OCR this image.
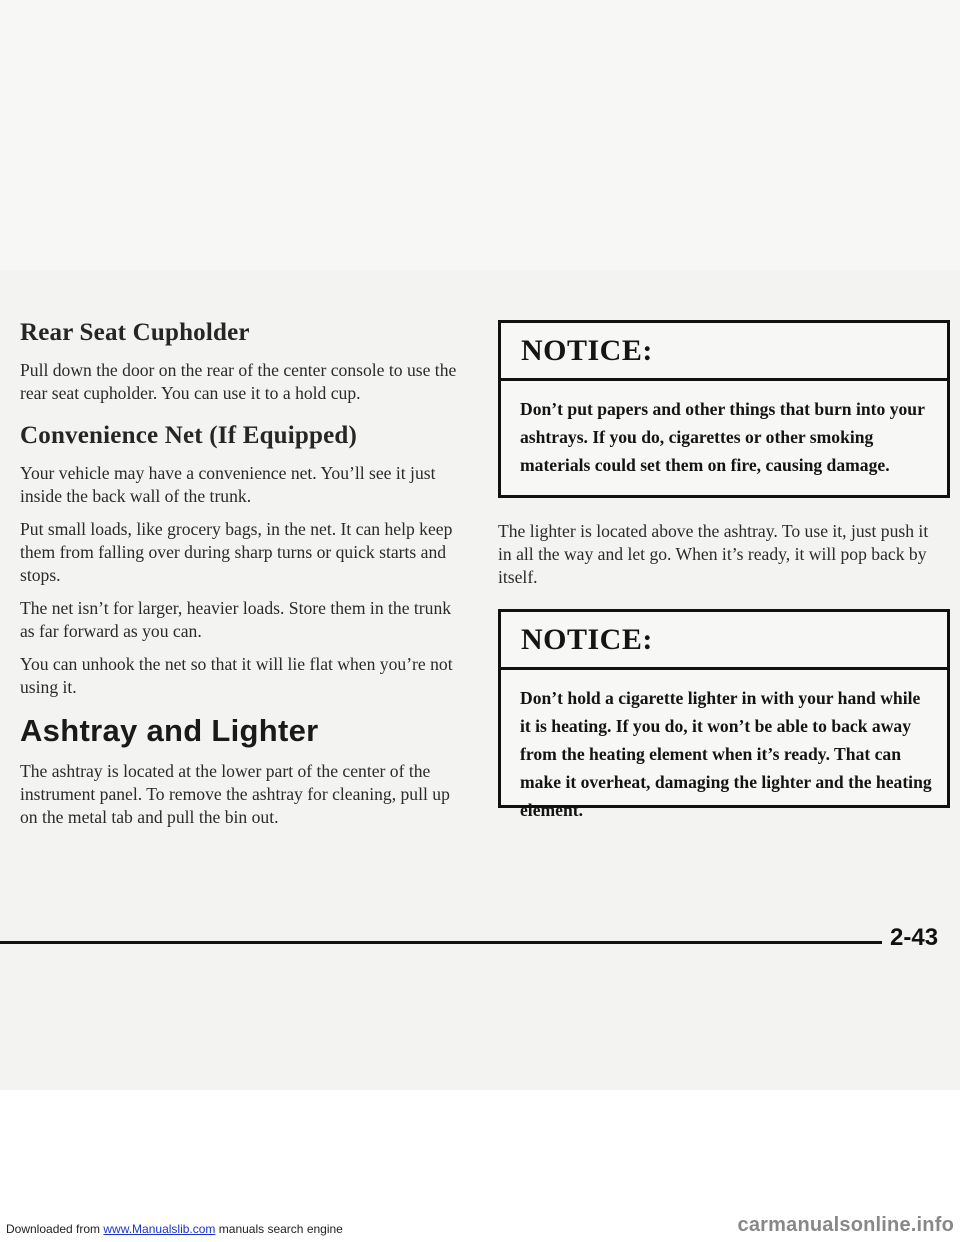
Rear Seat Cupholder

Pull down the door on the rear of the center console to use the rear seat cupholder. You can use it to a hold cup.

Convenience Net (If Equipped)

Your vehicle may have a convenience net. You’ll see it just inside the back wall of the trunk.

Put small loads, like grocery bags, in the net. It can help keep them from falling over during sharp turns or quick starts and stops.

The net isn’t for larger, heavier loads. Store them in the trunk as far forward as you can.

You can unhook the net so that it will lie flat when you’re not using it.

Ashtray and Lighter

The ashtray is located at the lower part of the center of the instrument panel. To remove the ashtray for cleaning, pull up on the metal tab and pull the bin out.

NOTICE:
Don’t put papers and other things that burn into your ashtrays. If you do, cigarettes or other smoking materials could set them on fire, causing damage.

The lighter is located above the ashtray. To use it, just push it in all the way and let go. When it’s ready, it will pop back by itself.

NOTICE:
Don’t hold a cigarette lighter in with your hand while it is heating. If you do, it won’t be able to back away from the heating element when it’s ready. That can make it overheat, damaging the lighter and the heating element.
2-43
Downloaded from www.Manualslib.com manuals search engine	carmanualsonline.info
